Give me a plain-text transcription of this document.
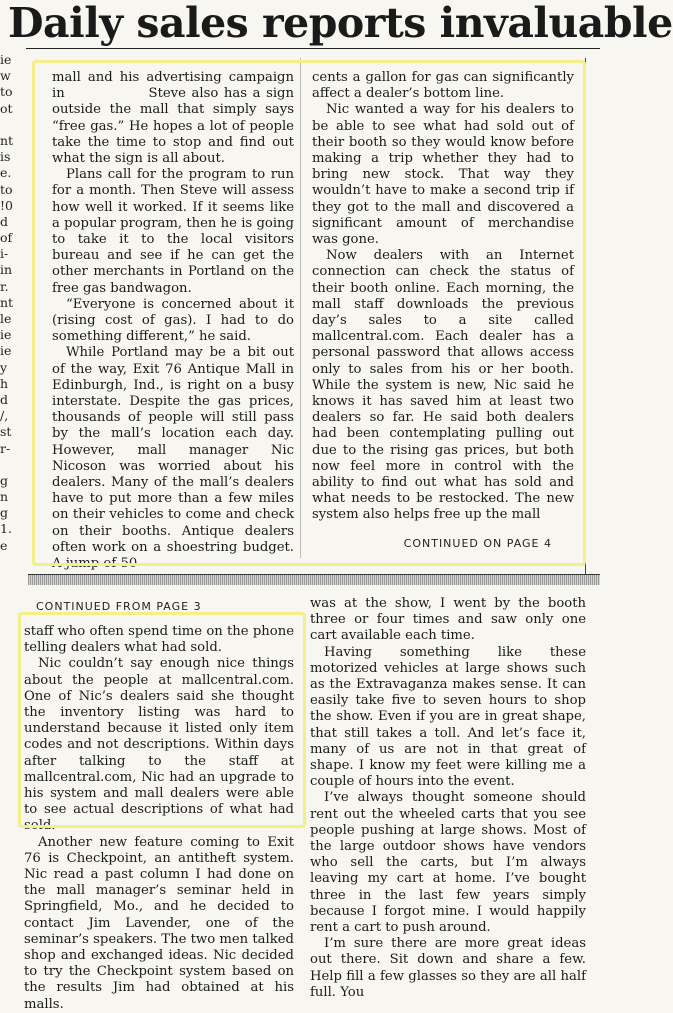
Daily sales reports invaluable
ie
w
to
ot
nt
is
e.
to
!0
d
of
i-
in
r.
nt
le
ie
ie
y
h
d
/,
st
r-
g
n
g
1.
e

mall and his advertising campaign in               Steve also has a sign outside the mall that simply says “free gas.” He hopes a lot of people take the time to stop and find out what the sign is all about.

Plans call for the program to run for a month. Then Steve will assess how well it worked. If it seems like a popular program, then he is going to take it to the local visitors bureau and see if he can get the other merchants in Portland on the free gas bandwagon.

“Everyone is concerned about it (rising cost of gas). I had to do something different,” he said.

While Portland may be a bit out of the way, Exit 76 Antique Mall in Edinburgh, Ind., is right on a busy interstate. Despite the gas prices, thousands of people will still pass by the mall’s location each day. However, mall manager Nic Nicoson was worried about his dealers. Many of the mall’s dealers have to put more than a few miles on their vehicles to come and check on their booths. Antique dealers often work on a shoestring budget. A jump of 50

cents a gallon for gas can significantly affect a dealer’s bottom line.

Nic wanted a way for his dealers to be able to see what had sold out of their booth so they would know before making a trip whether they had to bring new stock. That way they wouldn’t have to make a second trip if they got to the mall and discovered a significant amount of merchandise was gone.

Now dealers with an Internet connection can check the status of their booth online. Each morning, the mall staff downloads the previous day’s sales to a site called mallcentral.com. Each dealer has a personal password that allows access only to sales from his or her booth. While the system is new, Nic said he knows it has saved him at least two dealers so far. He said both dealers had been contemplating pulling out due to the rising gas prices, but both now feel more in control with the ability to find out what has sold and what needs to be restocked. The new system also helps free up the mall

CONTINUED ON PAGE 4
CONTINUED FROM PAGE 3

staff who often spend time on the phone telling dealers what had sold.

Nic couldn’t say enough nice things about the people at mallcentral.com. One of Nic’s dealers said she thought the inventory listing was hard to understand because it listed only item codes and not descriptions. Within days after talking to the staff at mallcentral.com, Nic had an upgrade to his system and mall dealers were able to see actual descriptions of what had sold.

Another new feature coming to Exit 76 is Checkpoint, an antitheft system. Nic read a past column I had done on the mall manager’s seminar held in Springfield, Mo., and he decided to contact Jim Lavender, one of the seminar’s speakers. The two men talked shop and exchanged ideas. Nic decided to try the Checkpoint system based on the results Jim had obtained at his malls.

was at the show, I went by the booth three or four times and saw only one cart available each time.

Having something like these motorized vehicles at large shows such as the Extravaganza makes sense. It can easily take five to seven hours to shop the show. Even if you are in great shape, that still takes a toll. And let’s face it, many of us are not in that great of shape. I know my feet were killing me a couple of hours into the event.

I’ve always thought someone should rent out the wheeled carts that you see people pushing at large shows. Most of the large outdoor shows have vendors who sell the carts, but I’m always leaving my cart at home. I’ve bought three in the last few years simply because I forgot mine. I would happily rent a cart to push around.

I’m sure there are more great ideas out there. Sit down and share a few. Help fill a few glasses so they are all half full. You
